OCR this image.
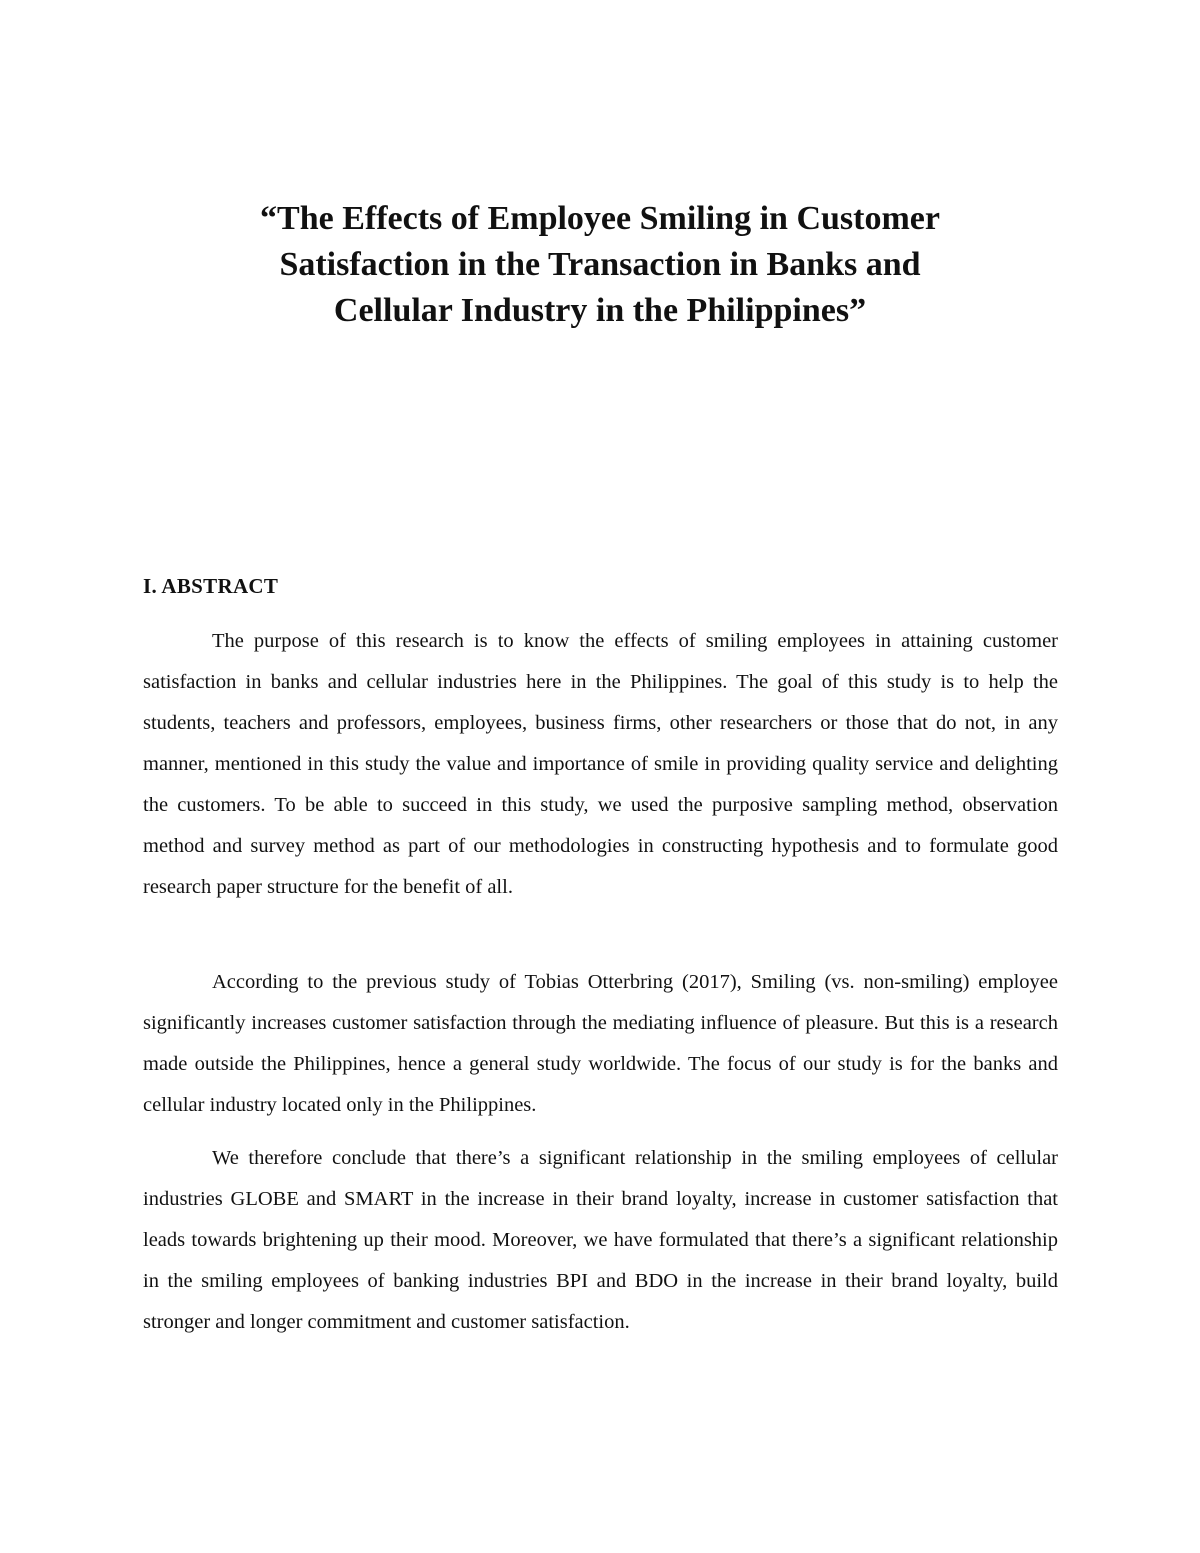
“The Effects of Employee Smiling in Customer
Satisfaction in the Transaction in Banks and
Cellular Industry in the Philippines”
I. ABSTRACT

The purpose of this research is to know the effects of smiling employees in attaining customer satisfaction in banks and cellular industries here in the Philippines. The goal of this study is to help the students, teachers and professors, employees, business firms, other researchers or those that do not, in any manner, mentioned in this study the value and importance of smile in providing quality service and delighting the customers. To be able to succeed in this study, we used the purposive sampling method, observation method and survey method as part of our methodologies in constructing hypothesis and to formulate good research paper structure for the benefit of all.

According to the previous study of Tobias Otterbring (2017), Smiling (vs. non-smiling) employee significantly increases customer satisfaction through the mediating influence of pleasure. But this is a research made outside the Philippines, hence a general study worldwide. The focus of our study is for the banks and cellular industry located only in the Philippines.

We therefore conclude that there’s a significant relationship in the smiling employees of cellular industries GLOBE and SMART in the increase in their brand loyalty, increase in customer satisfaction that leads towards brightening up their mood. Moreover, we have formulated that there’s a significant relationship in the smiling employees of banking industries BPI and BDO in the increase in their brand loyalty, build stronger and longer commitment and customer satisfaction.
